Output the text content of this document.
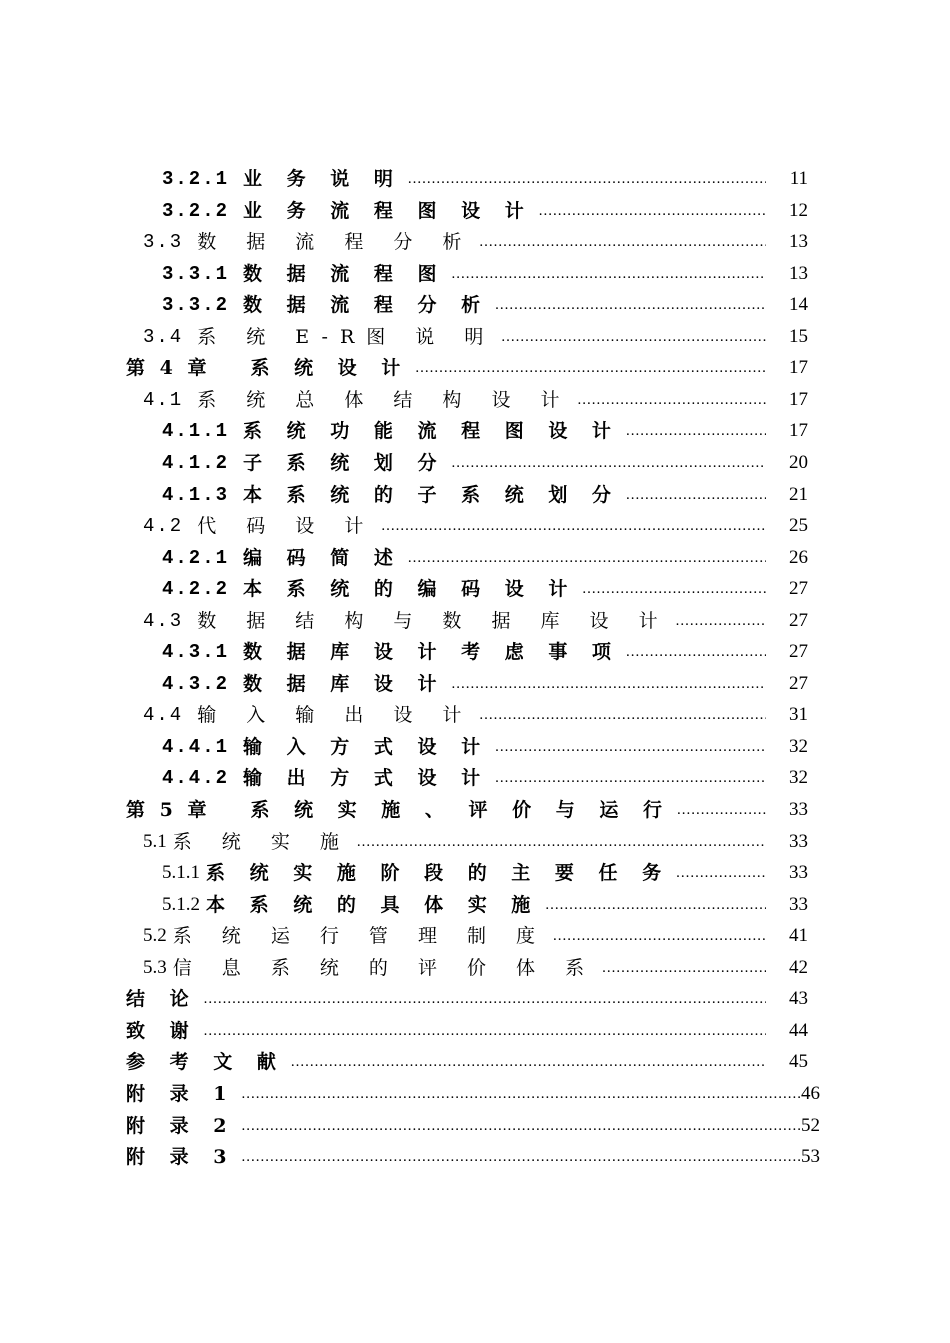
3.2.1 业 务 说 明 .....	11
3.2.2 业 务 流 程 图 设 计 .....	12
3.3 数 据 流 程 分 析 .....	13
3.3.1 数 据 流 程 图 .....	13
3.3.2 数 据 流 程 分 析 .....	14
3.4 系 统 E-R图 说 明 .....	15
第 4 章 系 统 设 计 .....	17
4.1 系 统 总 体 结 构 设 计 .....	17
4.1.1 系 统 功 能 流 程 图 设 计 .....	17
4.1.2 子 系 统 划 分 .....	20
4.1.3 本 系 统 的 子 系 统 划 分 .....	21
4.2 代 码 设 计 .....	25
4.2.1 编 码 简 述 .....	26
4.2.2 本 系 统 的 编 码 设 计 .....	27
4.3 数 据 结 构 与 数 据 库 设 计 .....	27
4.3.1 数 据 库 设 计 考 虑 事 项 .....	27
4.3.2 数 据 库 设 计 .....	27
4.4 输 入 输 出 设 计 .....	31
4.4.1 输 入 方 式 设 计 .....	32
4.4.2 输 出 方 式 设 计 .....	32
第 5 章 系 统 实 施 、 评 价 与 运 行 .....	33
5.1 系 统 实 施 .....	33
5.1.1 系 统 实 施 阶 段 的 主 要 任 务 .....	33
5.1.2 本 系 统 的 具 体 实 施 .....	33
5.2 系 统 运 行 管 理 制 度 .....	41
5.3 信 息 系 统 的 评 价 体 系 .....	42
结 论 .....	43
致 谢 .....	44
参 考 文 献 .....	45
附 录 1 .....	46
附 录 2 .....	52
附 录 3 .....	53
